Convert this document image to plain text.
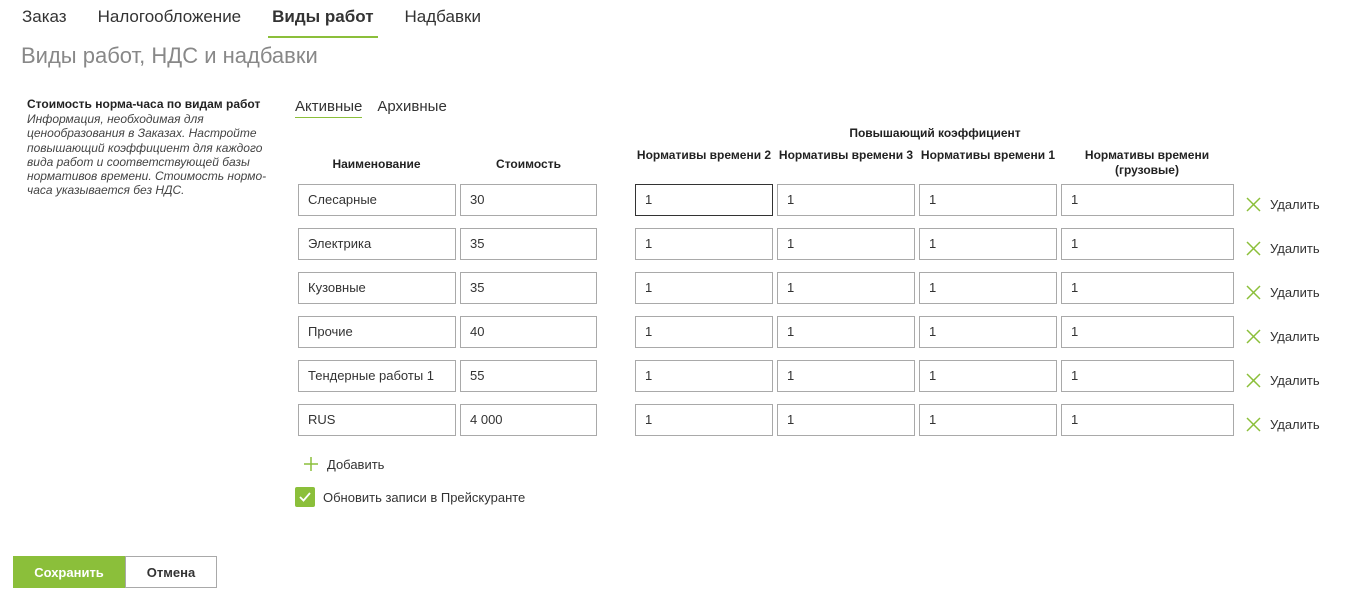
Заказ Налогообложение Виды работ Надбавки
Виды работ, НДС и надбавки
Стоимость норма-часа по видам работ
Информация, необходимая для ценообразования в Заказах. Настройте повышающий коэффициент для каждого вида работ и соответствующей базы нормативов времени. Стоимость нормо-часа указывается без НДС.
Активные Архивные
Повышающий коэффициент
Наименование	Стоимость
Нормативы времени 2 Нормативы времени 3 Нормативы времени 1	Нормативы времени (грузовые)
Слесарные	30	1	1	1	1	Удалить
Электрика	35	1	1	1	1	Удалить
Кузовные	35	1	1	1	1	Удалить
Прочие	40	1	1	1	1	Удалить
Тендерные работы 1	55	1	1	1	1	Удалить
RUS	4 000	1	1	1	1	Удалить
Добавить
Обновить записи в Прейскуранте
Сохранить	Отмена
